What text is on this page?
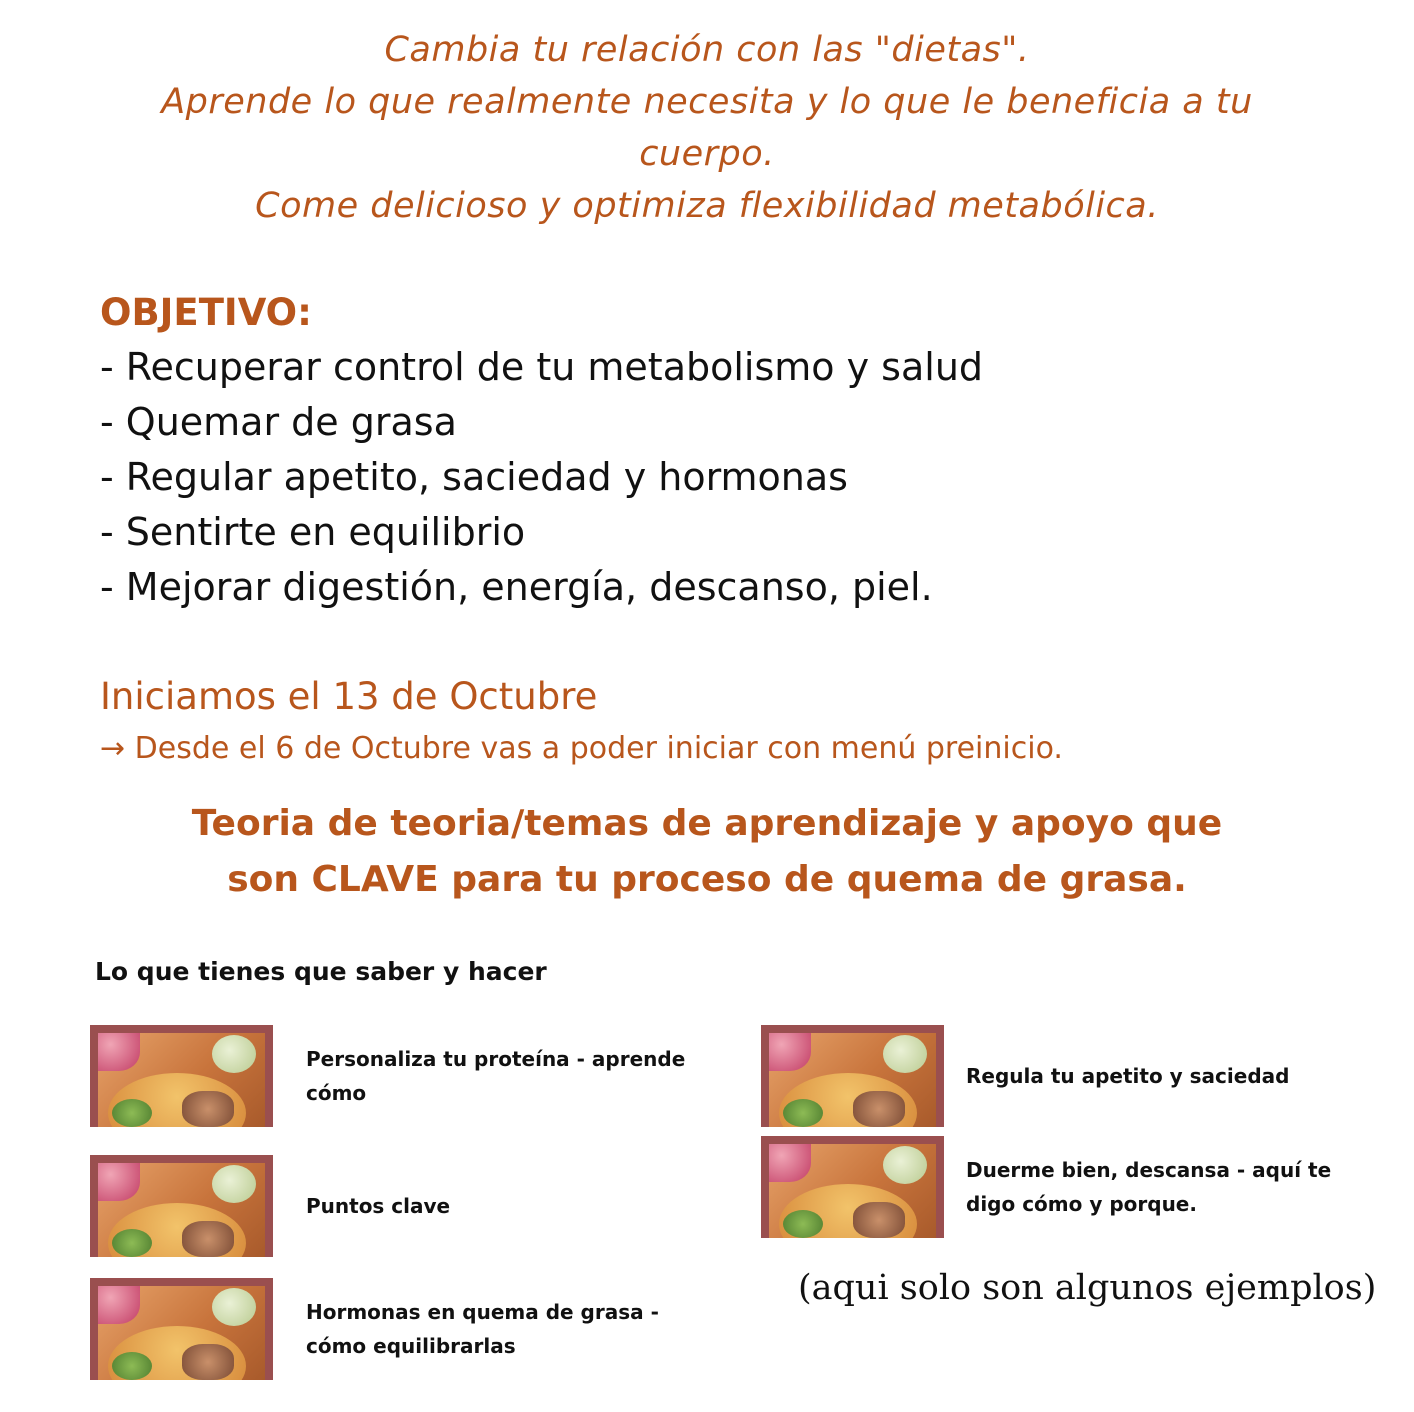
Cambia tu relación con las "dietas".
Aprende lo que realmente necesita y lo que le beneficia a tu
cuerpo.
Come delicioso y optimiza flexibilidad metabólica.
OBJETIVO:
- Recuperar control de tu metabolismo y salud
- Quemar de grasa
- Regular apetito, saciedad y hormonas
- Sentirte en equilibrio
- Mejorar digestión, energía, descanso, piel.
Iniciamos el 13 de Octubre
→ Desde el 6 de Octubre vas a poder iniciar con menú preinicio.
Teoria de teoria/temas de aprendizaje y apoyo que
son CLAVE para tu proceso de quema de grasa.
Lo que tienes que saber y hacer
Personaliza tu proteína - aprende
cómo
Puntos clave
Hormonas en quema de grasa -
cómo equilibrarlas
Regula tu apetito y saciedad
Duerme bien, descansa - aquí te
digo cómo y porque.
(aqui solo son algunos ejemplos)
